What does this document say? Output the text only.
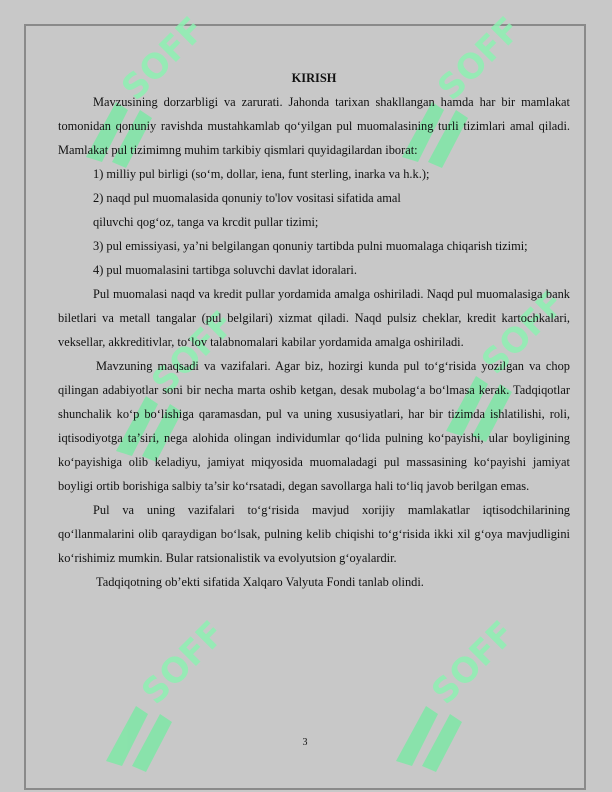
SOFF	SOFF
SOFF	SOFF
SOFF	SOFF
KIRISH

Mavzusining dorzarbligi va zarurati. Jahonda tarixan shakllangan hamda har bir mamlakat tomonidan qonuniy ravishda mustahkamlab qo‘yilgan pul muomalasining turli tizimlari amal qiladi. Mamlakat pul tizimimng muhim tarkibiy qismlari quyidagilardan iborat:

1) milliy pul birligi (so‘m, dollar, iena, funt sterling, inarka va h.k.);

2) naqd pul muomalasida qonuniy to'lov vositasi sifatida amal

qiluvchi qog‘oz, tanga va krcdit pullar tizimi;

3) pul emissiyasi, ya’ni belgilangan qonuniy tartibda pulni muomalaga chiqarish tizimi;

4) pul muomalasini tartibga soluvchi davlat idoralari.

Pul muomalasi naqd va kredit pullar yordamida amalga oshiriladi. Naqd pul muomalasiga bank biletlari va metall tangalar (pul belgilari) xizmat qiladi. Naqd pulsiz cheklar, kredit kartochkalari, veksellar, akkreditivlar, to‘lov talabnomalari kabilar yordamida amalga oshiriladi.

Mavzuning maqsadi va vazifalari. Agar biz, hozirgi kunda pul to‘g‘risida yozilgan va chop qilingan adabiyotlar soni bir necha marta oshib ketgan, desak mubolag‘a bo‘lmasa kerak. Tadqiqotlar shunchalik ko‘p bo‘lishiga qaramasdan, pul va uning xususiyatlari, har bir tizimda ishlatilishi, roli, iqtisodiyotga ta’siri, nega alohida olingan individumlar qo‘lida pulning ko‘payishi, ular boyligining ko‘payishiga olib keladiyu, jamiyat miqyosida muomaladagi pul massasining ko‘payishi jamiyat boyligi ortib borishiga salbiy ta’sir ko‘rsatadi, degan savollarga hali to‘liq javob berilgan emas.

Pul va uning vazifalari to‘g‘risida mavjud xorijiy mamlakatlar iqtisodchilarining qo‘llanmalarini olib qaraydigan bo‘lsak, pulning kelib chiqishi to‘g‘risida ikki xil g‘oya mavjudligini ko‘rishimiz mumkin. Bular ratsionalistik va evolyutsion g‘oyalardir.

Tadqiqotning ob’ekti sifatida Xalqaro Valyuta Fondi tanlab olindi.

3
